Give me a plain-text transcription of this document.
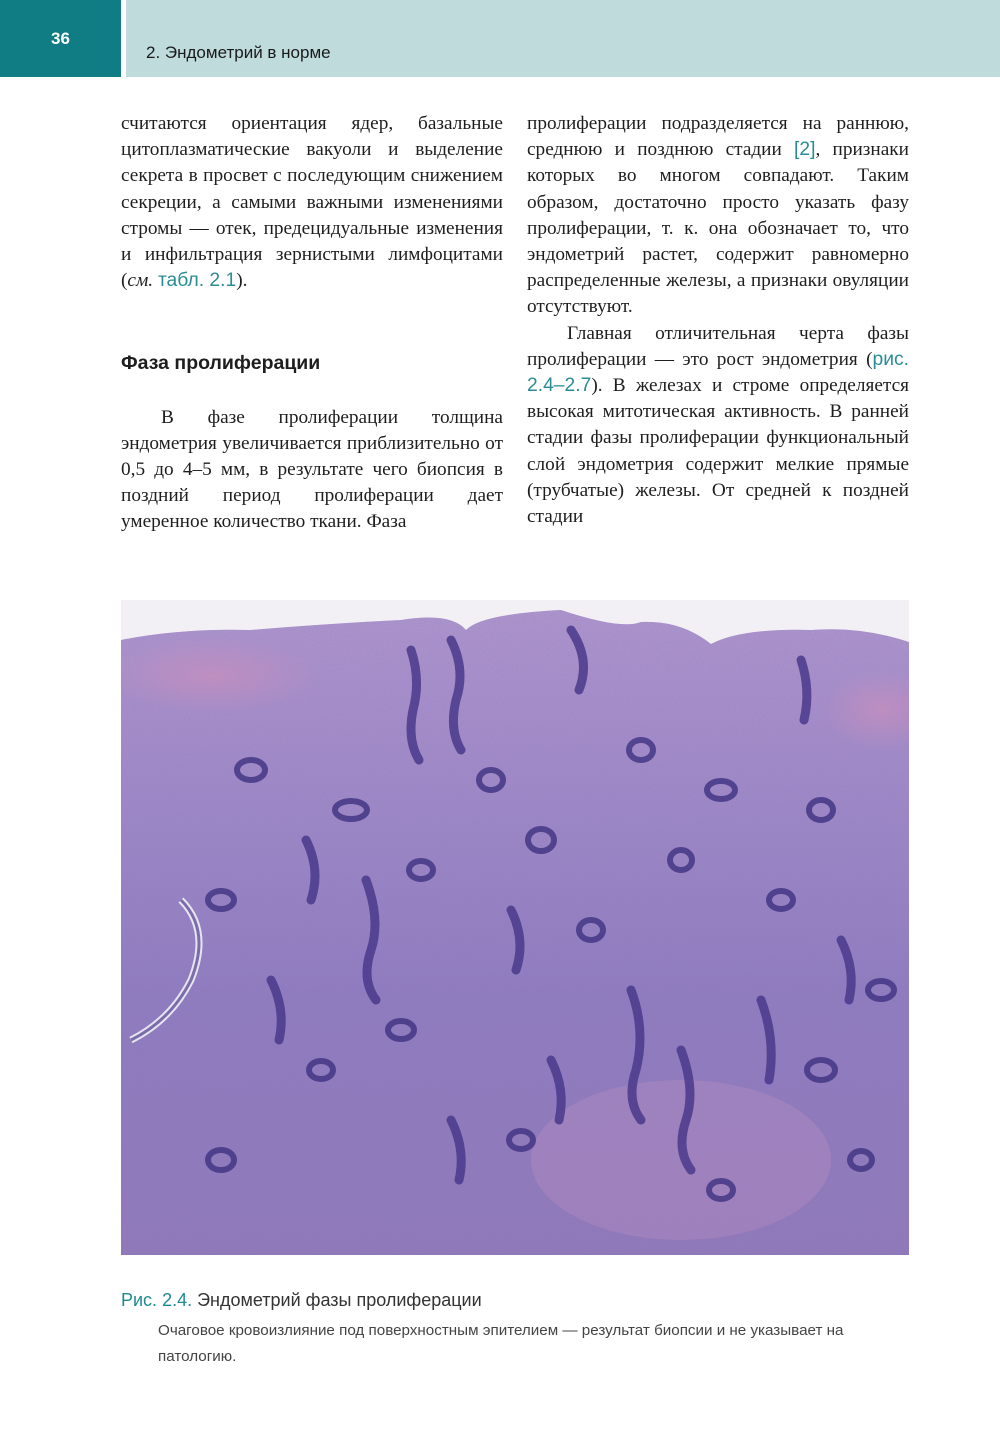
36
2. Эндометрий в норме

считаются ориентация ядер, базальные цитоплазматические вакуоли и выделение секрета в просвет с последующим снижением секреции, а самыми важными изменениями стромы — отек, предецидуальные изменения и инфильтрация зернистыми лимфоцитами (см. табл. 2.1).

Фаза пролиферации

В фазе пролиферации толщина эндометрия увеличивается приблизительно от 0,5 до 4–5 мм, в результате чего биопсия в поздний период пролиферации дает умеренное количество ткани. Фаза

пролиферации подразделяется на раннюю, среднюю и позднюю стадии [2], признаки которых во многом совпадают. Таким образом, достаточно просто указать фазу пролиферации, т. к. она обозначает то, что эндометрий растет, содержит равномерно распределенные железы, а признаки овуляции отсутствуют.

Главная отличительная черта фазы пролиферации — это рост эндометрия (рис. 2.4–2.7). В железах и строме определяется высокая митотическая активность. В ранней стадии фазы пролиферации функциональный слой эндометрия содержит мелкие прямые (трубчатые) железы. От средней к поздней стадии

Рис. 2.4. Эндометрий фазы пролиферации
Очаговое кровоизлияние под поверхностным эпителием — результат биопсии и не указывает на патологию.
